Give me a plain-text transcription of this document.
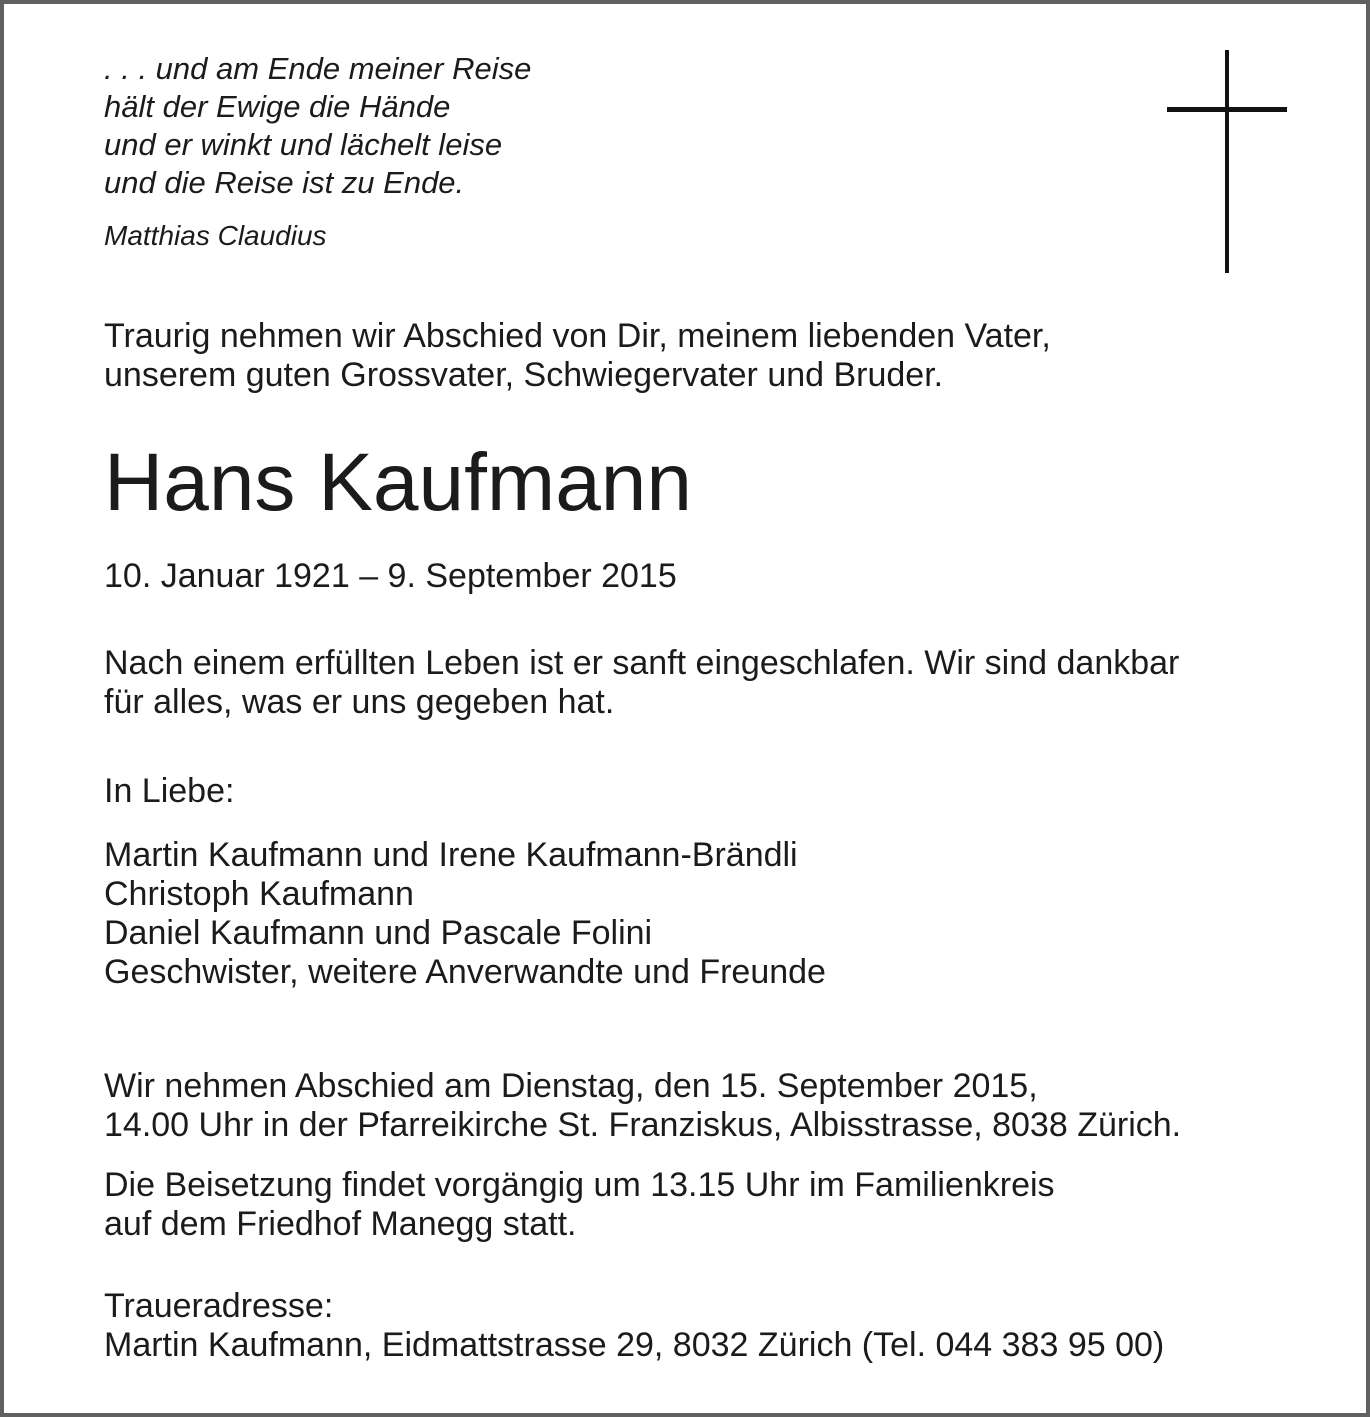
. . . und am Ende meiner Reise
hält der Ewige die Hände
und er winkt und lächelt leise
und die Reise ist zu Ende.
Matthias Claudius
Traurig nehmen wir Abschied von Dir, meinem liebenden Vater,
unserem guten Grossvater, Schwiegervater und Bruder.
Hans Kaufmann
10. Januar 1921 – 9. September 2015
Nach einem erfüllten Leben ist er sanft eingeschlafen. Wir sind dankbar
für alles, was er uns gegeben hat.
In Liebe:
Martin Kaufmann und Irene Kaufmann-Brändli
Christoph Kaufmann
Daniel Kaufmann und Pascale Folini
Geschwister, weitere Anverwandte und Freunde
Wir nehmen Abschied am Dienstag, den 15. September 2015,
14.00 Uhr in der Pfarreikirche St. Franziskus, Albisstrasse, 8038 Zürich.
Die Beisetzung findet vorgängig um 13.15 Uhr im Familienkreis
auf dem Friedhof Manegg statt.
Traueradresse:
Martin Kaufmann, Eidmattstrasse 29, 8032 Zürich (Tel. 044 383 95 00)
